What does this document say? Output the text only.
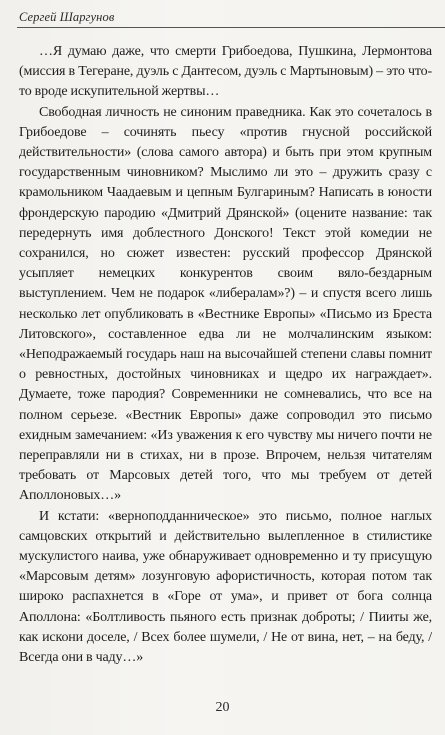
Сергей Шаргунов

…Я думаю даже, что смерти Грибоедова, Пушкина, Лермонтова (миссия в Тегеране, дуэль с Дантесом, дуэль с Мартыновым) – это что-то вроде искупительной жертвы…

Свободная личность не синоним праведника. Как это сочеталось в Грибоедове – сочинять пьесу «против гнусной российской действительности» (слова самого автора) и быть при этом крупным государственным чиновником? Мыслимо ли это – дружить сразу с крамольником Чаадаевым и цепным Булгариным? Написать в юности фрондерскую пародию «Дмитрий Дрянской» (оцените название: так передернуть имя доблестного Донского! Текст этой комедии не сохранился, но сюжет известен: русский профессор Дрянской усыпляет немецких конкурентов своим вяло-бездарным выступлением. Чем не подарок «либералам»?) – и спустя всего лишь несколько лет опубликовать в «Вестнике Европы» «Письмо из Бреста Литовского», составленное едва ли не молчалинским языком: «Неподражаемый государь наш на высочайшей степени славы помнит о ревностных, достойных чиновниках и щедро их награждает». Думаете, тоже пародия? Современники не сомневались, что все на полном серьезе. «Вестник Европы» даже сопроводил это письмо ехидным замечанием: «Из уважения к его чувству мы ничего почти не переправляли ни в стихах, ни в прозе. Впрочем, нельзя читателям требовать от Марсовых детей того, что мы требуем от детей Аполлоновых…»

И кстати: «верноподданническое» это письмо, полное наглых самцовских открытий и действительно вылепленное в стилистике мускулистого наива, уже обнаруживает одновременно и ту присущую «Марсовым детям» лозунговую афористичность, которая потом так широко распахнется в «Горе от ума», и привет от бога солнца Аполлона: «Болтливость пьяного есть признак доброты; / Пииты же, как искони доселе, / Всех более шумели, / Не от вина, нет, – на беду, / Всегда они в чаду…»

20
